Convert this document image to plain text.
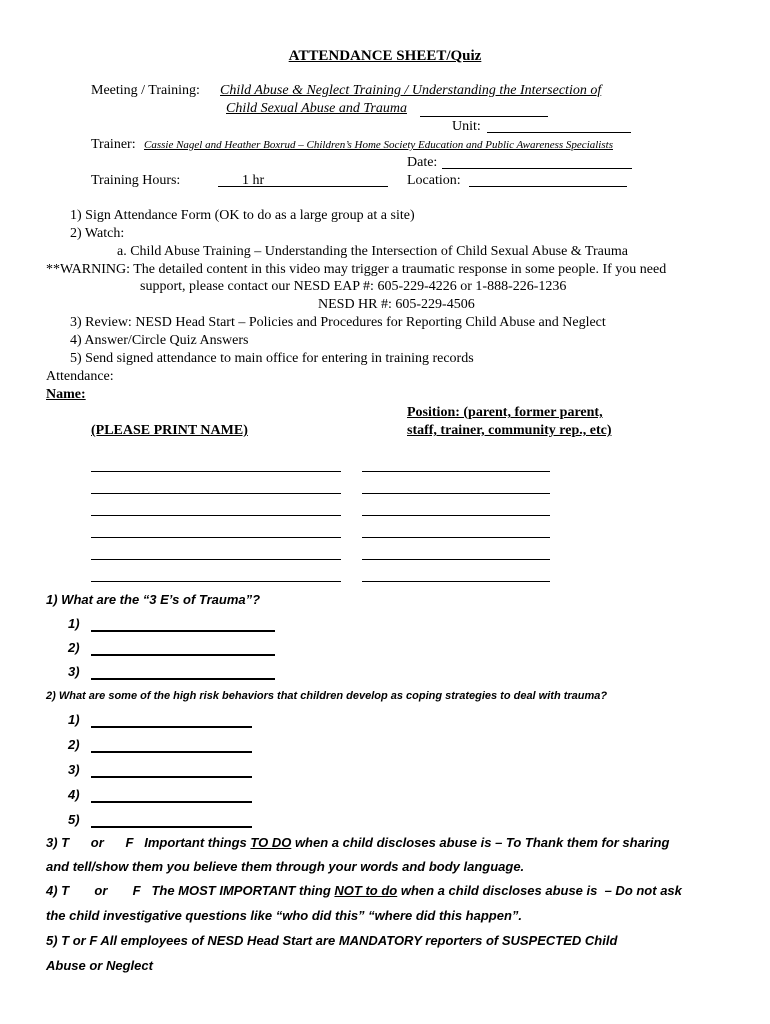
ATTENDANCE SHEET/Quiz
Meeting / Training: Child Abuse & Neglect Training / Understanding the Intersection of
Child Sexual Abuse and Trauma
Unit:
Trainer: Cassie Nagel and Heather Boxrud – Children’s Home Society Education and Public Awareness Specialists
Date:
Training Hours:	1 hr	Location:
1) Sign Attendance Form (OK to do as a large group at a site)
2) Watch:
a. Child Abuse Training – Understanding the Intersection of Child Sexual Abuse & Trauma
**WARNING: The detailed content in this video may trigger a traumatic response in some people. If you need
support, please contact our NESD EAP #: 605-229-4226 or 1-888-226-1236
NESD HR #: 605-229-4506
3) Review: NESD Head Start – Policies and Procedures for Reporting Child Abuse and Neglect
4) Answer/Circle Quiz Answers
5) Send signed attendance to main office for entering in training records
Attendance:
Name:
Position: (parent, former parent,
(PLEASE PRINT NAME)	staff, trainer, community rep., etc)
1) What are the “3 E’s of Trauma”?
1)
2)
3)
2) What are some of the high risk behaviors that children develop as coping strategies to deal with trauma?
1)
2)
3)
4)
5)
3) T      or      F   Important things TO DO when a child discloses abuse is – To Thank them for sharing
and tell/show them you believe them through your words and body language.
4) T       or       F   The MOST IMPORTANT thing NOT to do when a child discloses abuse is  – Do not ask
the child investigative questions like “who did this” “where did this happen”.
5) T or F All employees of NESD Head Start are MANDATORY reporters of SUSPECTED Child
Abuse or Neglect
